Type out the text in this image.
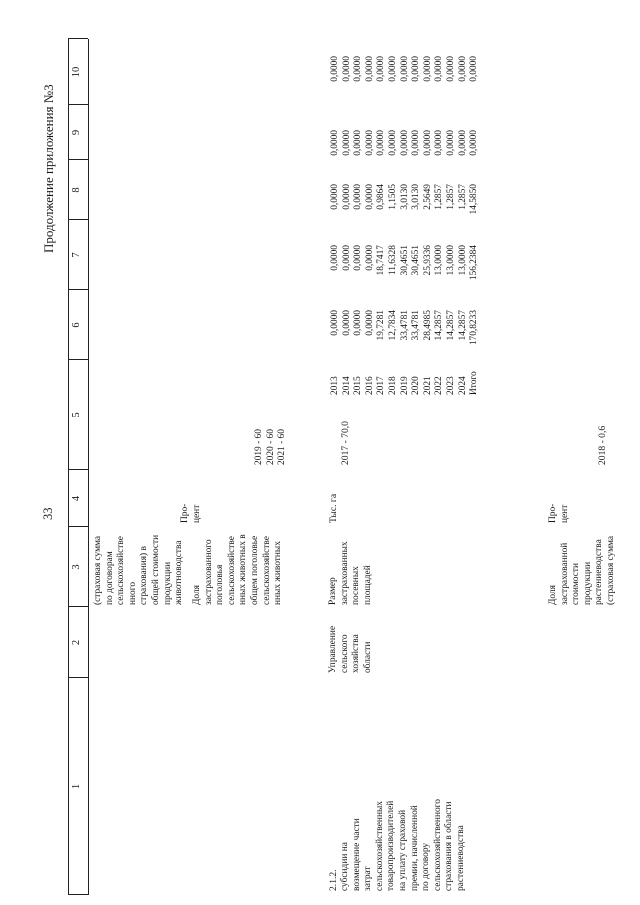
33
Продолжение приложения №3
1
2
3
4
5
6
7
8
9
10
(страховая сумма по договорам сельскохозяйстве нного страхования) в общей стоимости продукции животноводства Доля застрахованного поголовья сельскохозяйстве нных животных в общем поголовье сельскохозяйстве нных животных
Про- цент
2019 - 60 2020 - 60 2021 - 60
2.1.2. субсидии на возмещение части затрат сельскохозяйственных товаропроизводителей на уплату страховой премии, начисленной по договору сельскохозяйственного страхования в области растениеводства
Управление сельского хозяйства области
Размер застрахованных посевных площадей
Тыс. га
2017 - 70,0
2013 2014 2015 2016 2017 2018 2019 2020 2021 2022 2023 2024 Итого
0,0000 0,0000 0,0000 0,0000 19,7281 12,7834 33,4781 33,4781 28,4985 14,2857 14,2857 14,2857 170,8233
0,0000 0,0000 0,0000 0,0000 18,7417 11,6328 30,4651 30,4651 25,9336 13,0000 13,0000 13,0000 156,2384
0,0000 0,0000 0,0000 0,0000 0,9864 1,1505 3,0130 3,0130 2,5649 1,2857 1,2857 1,2857 14,5850
0,0000 0,0000 0,0000 0,0000 0,0000 0,0000 0,0000 0,0000 0,0000 0,0000 0,0000 0,0000 0,0000
0,0000 0,0000 0,0000 0,0000 0,0000 0,0000 0,0000 0,0000 0,0000 0,0000 0,0000 0,0000 0,0000
Доля застрахованной стоимости продукции растениеводства (страховая сумма
Про- цент
2018 - 0,6
